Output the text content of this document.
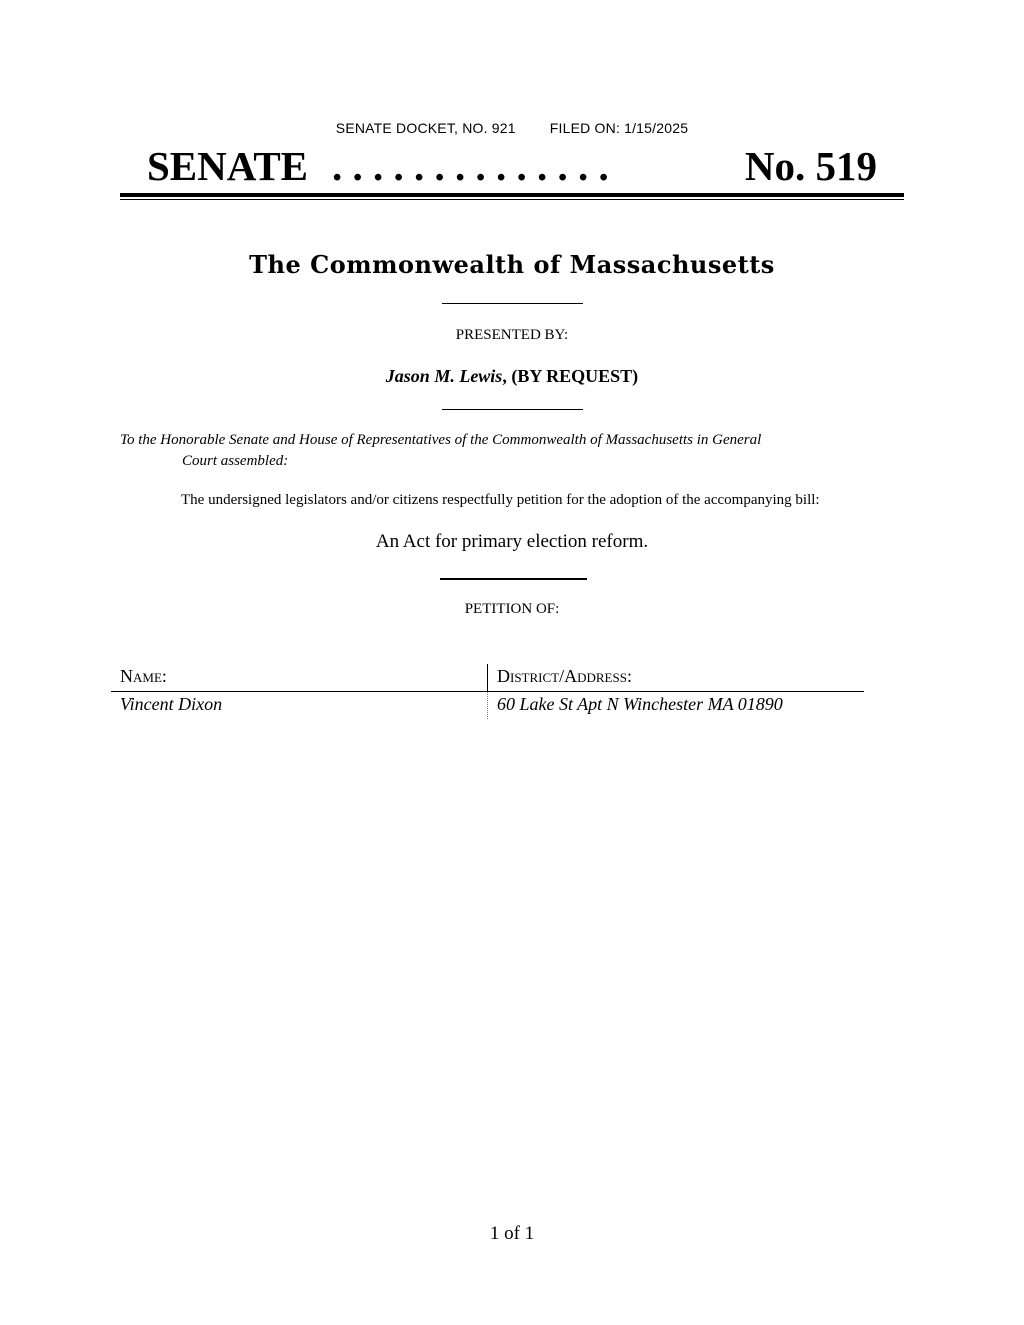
SENATE DOCKET, NO. 921 FILED ON: 1/15/2025
SENATE . . . . . . . . . . . . . .	No. 519
The Commonwealth of Massachusetts
PRESENTED BY:
Jason M. Lewis, (BY REQUEST)
To the Honorable Senate and House of Representatives of the Commonwealth of Massachusetts in General
Court assembled:
The undersigned legislators and/or citizens respectfully petition for the adoption of the accompanying bill:
An Act for primary election reform.
PETITION OF:
Name:	District/Address:
Vincent Dixon	60 Lake St Apt N Winchester MA 01890
1 of 1
